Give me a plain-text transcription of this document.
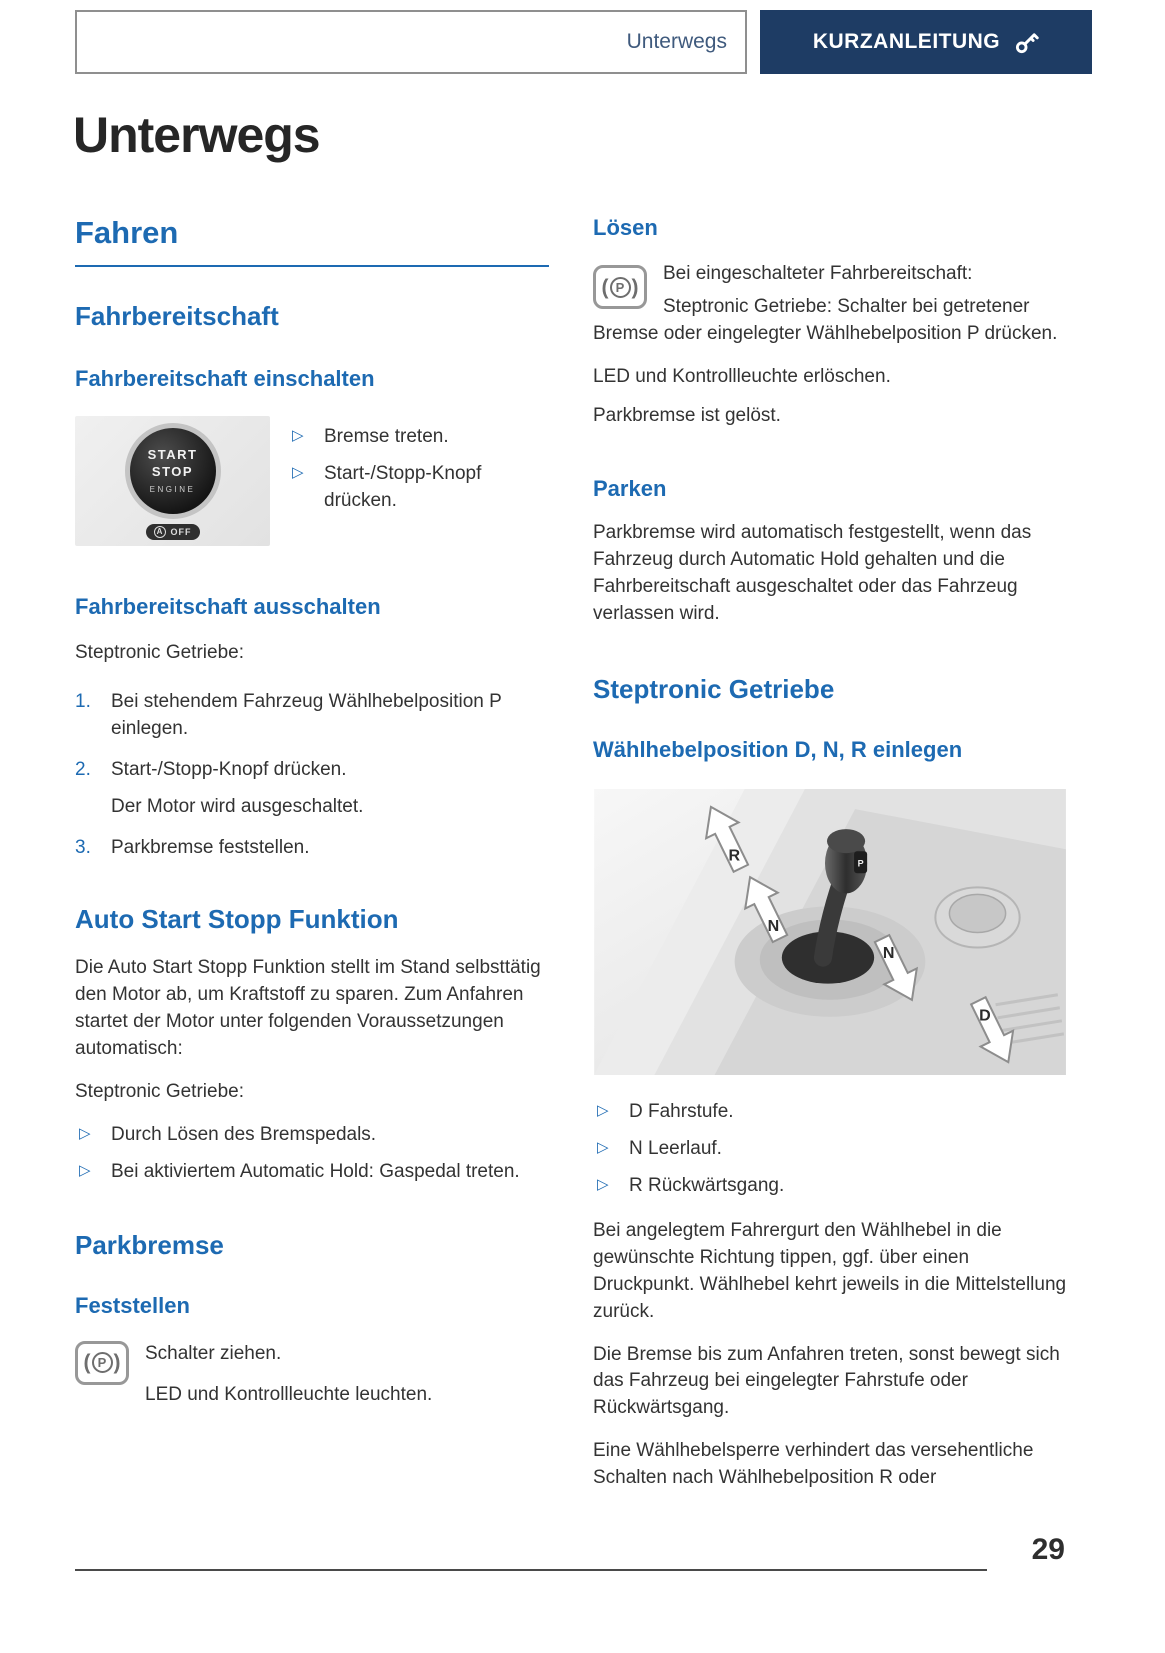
Unterwegs	KURZANLEITUNG
Unterwegs
Fahren
Fahrbereitschaft
Fahrbereitschaft einschalten
START
STOP
ENGINE
A OFF
▷
Bremse treten.
▷
Start-/Stopp-Knopf drücken.
Fahrbereitschaft ausschalten

Steptronic Getriebe:

1.	Bei stehendem Fahrzeug Wählhebelposition P einlegen.
2.	Start-/Stopp-Knopf drücken.
Der Motor wird ausgeschaltet.
3.	Parkbremse feststellen.
Auto Start Stopp Funktion

Die Auto Start Stopp Funktion stellt im Stand selbsttätig den Motor ab, um Kraftstoff zu sparen. Zum Anfahren startet der Motor unter folgenden Voraussetzungen automatisch:

Steptronic Getriebe:

▷
Durch Lösen des Bremspedals.
▷
Bei aktiviertem Automatic Hold: Gaspedal treten.
Parkbremse
Feststellen
(
P )	Schalter ziehen.

LED und Kontrollleuchte leuchten.

Lösen
(
P
)

Bei eingeschalteter Fahrbereitschaft:

Steptronic Getriebe: Schalter bei getretener Bremse oder eingelegter Wählhebelposition P drücken.

LED und Kontrollleuchte erlöschen.

Parkbremse ist gelöst.

Parken

Parkbremse wird automatisch festgestellt, wenn das Fahrzeug durch Automatic Hold gehalten und die Fahrbereitschaft ausgeschaltet oder das Fahrzeug verlassen wird.

Steptronic Getriebe
Wählhebelposition D, N, R einlegen
P
R
N
N
D
▷
D Fahrstufe.
▷
N Leerlauf.
▷
R Rückwärtsgang.

Bei angelegtem Fahrergurt den Wählhebel in die gewünschte Richtung tippen, ggf. über einen Druckpunkt. Wählhebel kehrt jeweils in die Mittelstellung zurück.

Die Bremse bis zum Anfahren treten, sonst bewegt sich das Fahrzeug bei eingelegter Fahrstufe oder Rückwärtsgang.

Eine Wählhebelsperre verhindert das versehentliche Schalten nach Wählhebelposition R oder

29
